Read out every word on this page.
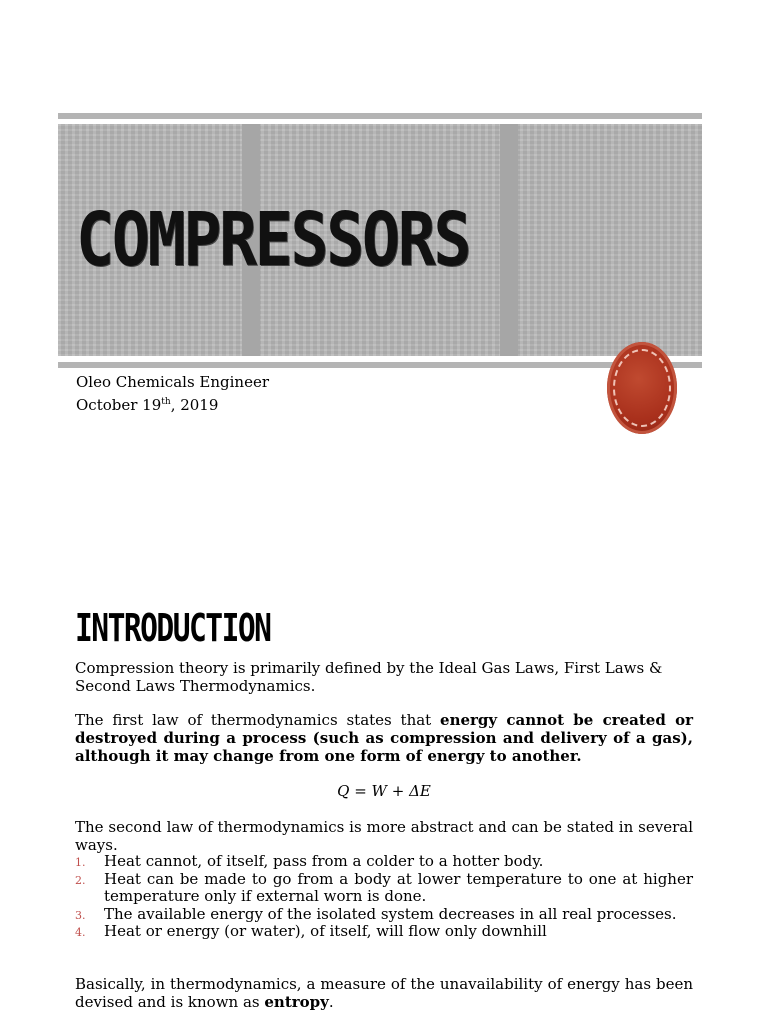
COMPRESSORS
Oleo Chemicals Engineer
October 19th, 2019
INTRODUCTION

Compression theory is primarily defined by the Ideal Gas Laws, First Laws & Second Laws Thermodynamics.

The first law of thermodynamics states that energy cannot be created or destroyed during a process (such as compression and delivery of a gas), although it may change from one form of energy to another.

Q = W + ΔE

The second law of thermodynamics is more abstract and can be stated in several ways.

1. Heat cannot, of itself, pass from a colder to a hotter body.
2. Heat can be made to go from a body at lower temperature to one at higher temperature only if external worn is done.
3. The available energy of the isolated system decreases in all real processes.
4. Heat or energy (or water), of itself, will flow only downhill

Basically, in thermodynamics, a measure of the unavailability of energy has been devised and is known as entropy.
